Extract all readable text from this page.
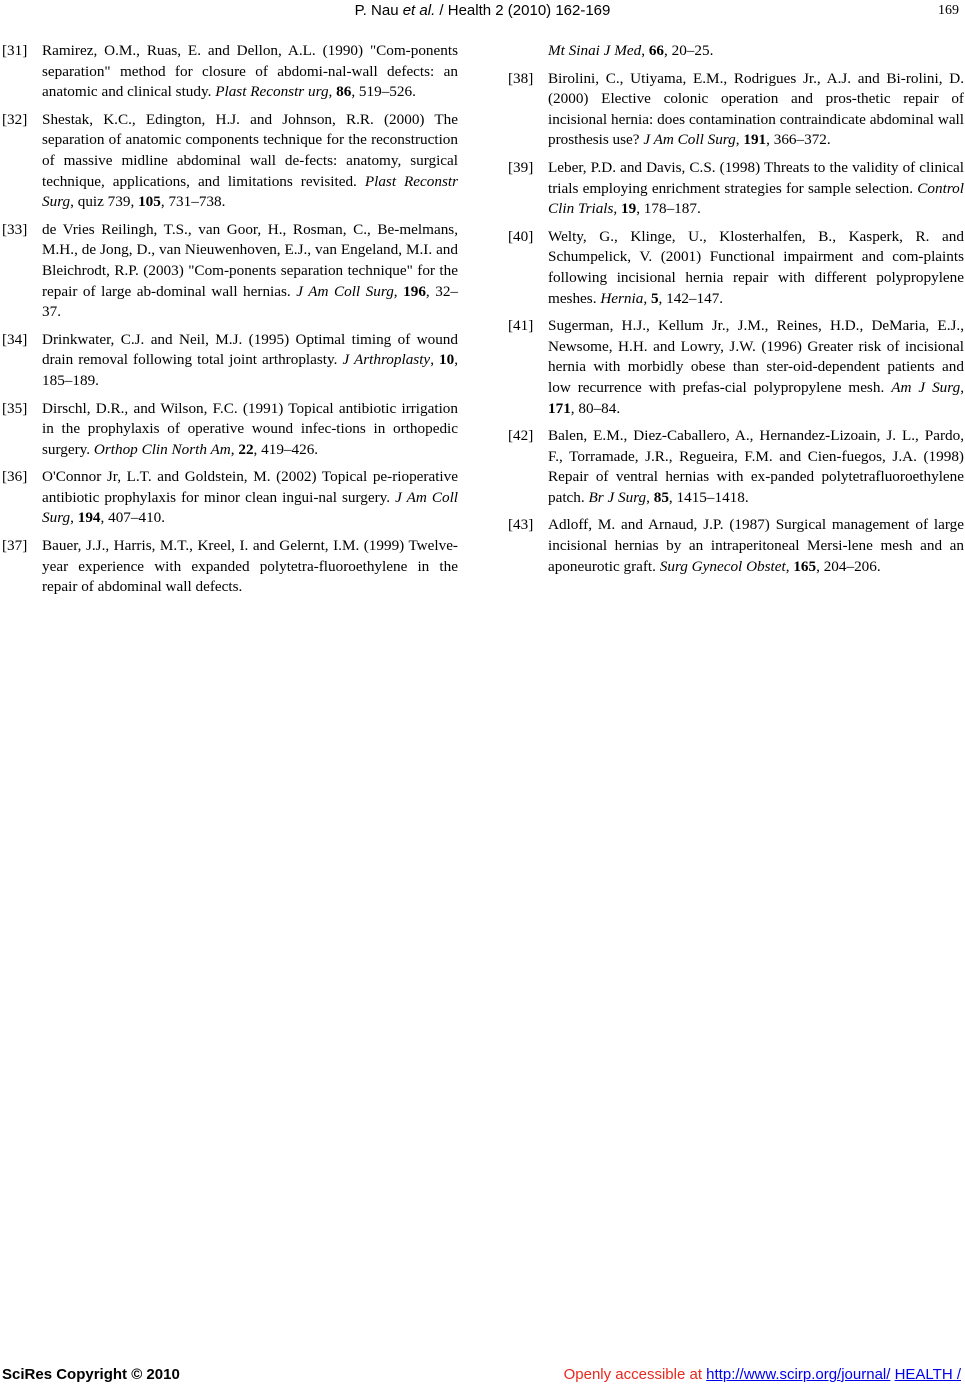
P. Nau et al. / Health 2 (2010) 162-169	169
[31] Ramirez, O.M., Ruas, E. and Dellon, A.L. (1990) "Com-ponents separation" method for closure of abdomi-nal-wall defects: an anatomic and clinical study. Plast Reconstr urg, 86, 519–526.
[32] Shestak, K.C., Edington, H.J. and Johnson, R.R. (2000) The separation of anatomic components technique for the reconstruction of massive midline abdominal wall de-fects: anatomy, surgical technique, applications, and limitations revisited. Plast Reconstr Surg, quiz 739, 105, 731–738.
[33] de Vries Reilingh, T.S., van Goor, H., Rosman, C., Be-melmans, M.H., de Jong, D., van Nieuwenhoven, E.J., van Engeland, M.I. and Bleichrodt, R.P. (2003) "Com-ponents separation technique" for the repair of large ab-dominal wall hernias. J Am Coll Surg, 196, 32–37.
[34] Drinkwater, C.J. and Neil, M.J. (1995) Optimal timing of wound drain removal following total joint arthroplasty. J Arthroplasty, 10, 185–189.
[35] Dirschl, D.R., and Wilson, F.C. (1991) Topical antibiotic irrigation in the prophylaxis of operative wound infec-tions in orthopedic surgery. Orthop Clin North Am, 22, 419–426.
[36] O'Connor Jr, L.T. and Goldstein, M. (2002) Topical pe-rioperative antibiotic prophylaxis for minor clean ingui-nal surgery. J Am Coll Surg, 194, 407–410.
[37] Bauer, J.J., Harris, M.T., Kreel, I. and Gelernt, I.M. (1999) Twelve-year experience with expanded polytetra-fluoroethylene in the repair of abdominal wall defects.
Mt Sinai J Med, 66, 20–25.
[38] Birolini, C., Utiyama, E.M., Rodrigues Jr., A.J. and Bi-rolini, D. (2000) Elective colonic operation and pros-thetic repair of incisional hernia: does contamination contraindicate abdominal wall prosthesis use? J Am Coll Surg, 191, 366–372.
[39] Leber, P.D. and Davis, C.S. (1998) Threats to the validity of clinical trials employing enrichment strategies for sample selection. Control Clin Trials, 19, 178–187.
[40] Welty, G., Klinge, U., Klosterhalfen, B., Kasperk, R. and Schumpelick, V. (2001) Functional impairment and com-plaints following incisional hernia repair with different polypropylene meshes. Hernia, 5, 142–147.
[41] Sugerman, H.J., Kellum Jr., J.M., Reines, H.D., DeMaria, E.J., Newsome, H.H. and Lowry, J.W. (1996) Greater risk of incisional hernia with morbidly obese than ster-oid-dependent patients and low recurrence with prefas-cial polypropylene mesh. Am J Surg, 171, 80–84.
[42] Balen, E.M., Diez-Caballero, A., Hernandez-Lizoain, J. L., Pardo, F., Torramade, J.R., Regueira, F.M. and Cien-fuegos, J.A. (1998) Repair of ventral hernias with ex-panded polytetrafluoroethylene patch. Br J Surg, 85, 1415–1418.
[43] Adloff, M. and Arnaud, J.P. (1987) Surgical management of large incisional hernias by an intraperitoneal Mersi-lene mesh and an aponeurotic graft. Surg Gynecol Obstet, 165, 204–206.
SciRes Copyright © 2010	Openly accessible at http://www.scirp.org/journal/ HEALTH /
